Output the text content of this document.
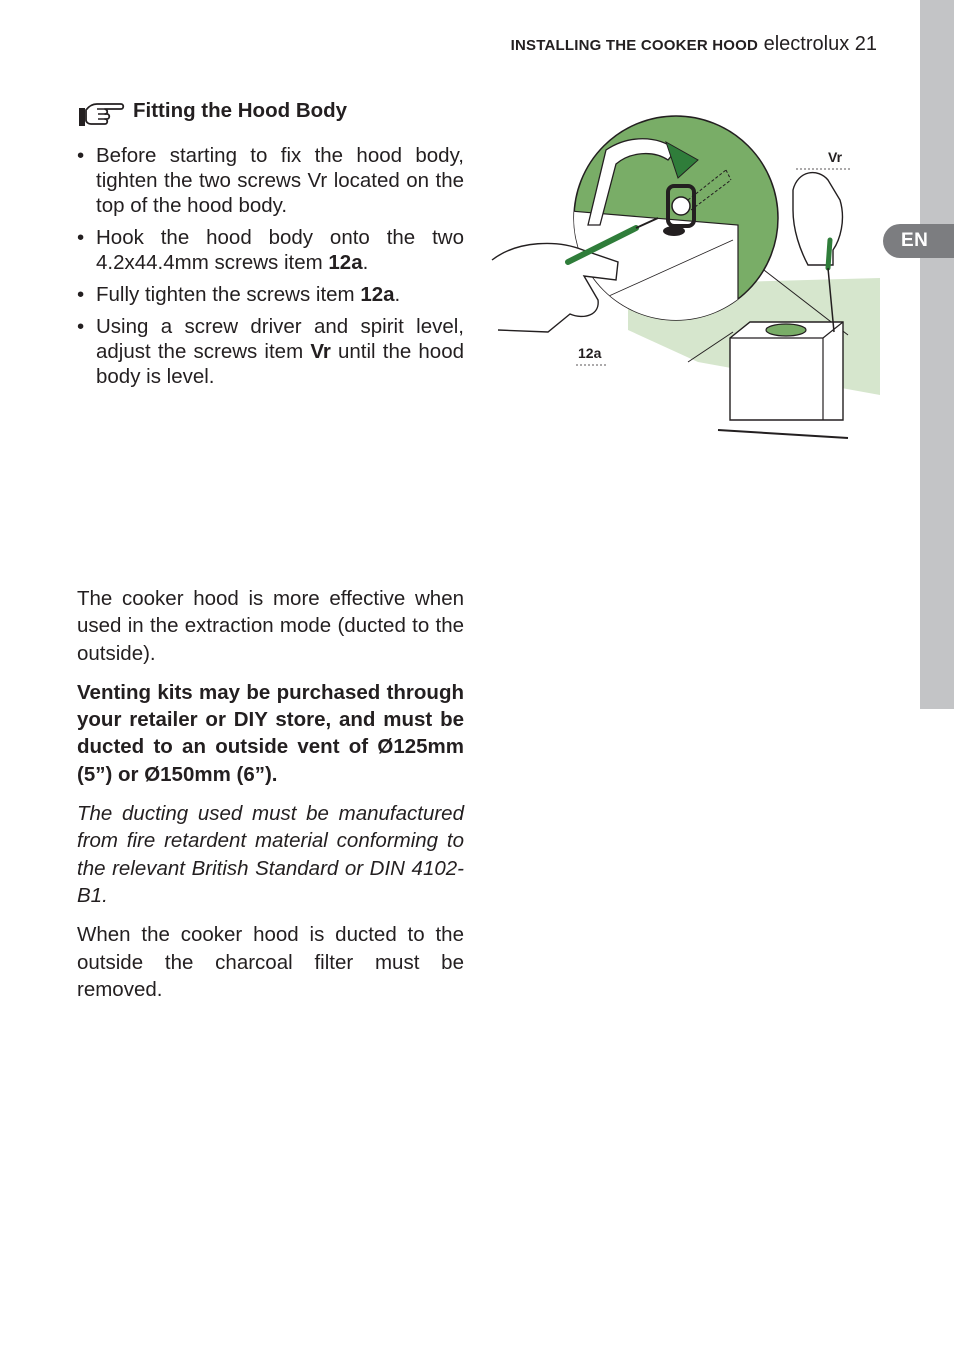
EN
INSTALLING THE COOKER HOOD electrolux 21
Fitting the Hood Body
• Before starting to fix the hood body, tighten the two screws Vr located on the top of the hood body.
• Hook the hood body onto the two 4.2x44.4mm screws item 12a.
• Fully tighten the screws item 12a.
• Using a screw driver and spirit level, adjust the screws item Vr until the hood body is level.
Vr
12a

The cooker hood is more effective when used in the extraction mode (ducted to the outside).

Venting kits may be purchased through your retailer or DIY store, and must be ducted to an outside vent of Ø125mm (5”) or Ø150mm (6”).

The ducting used must be manufactured from fire retardent material conforming to the relevant British Standard or DIN 4102-B1.

When the cooker hood is ducted to the outside the charcoal filter must be removed.
